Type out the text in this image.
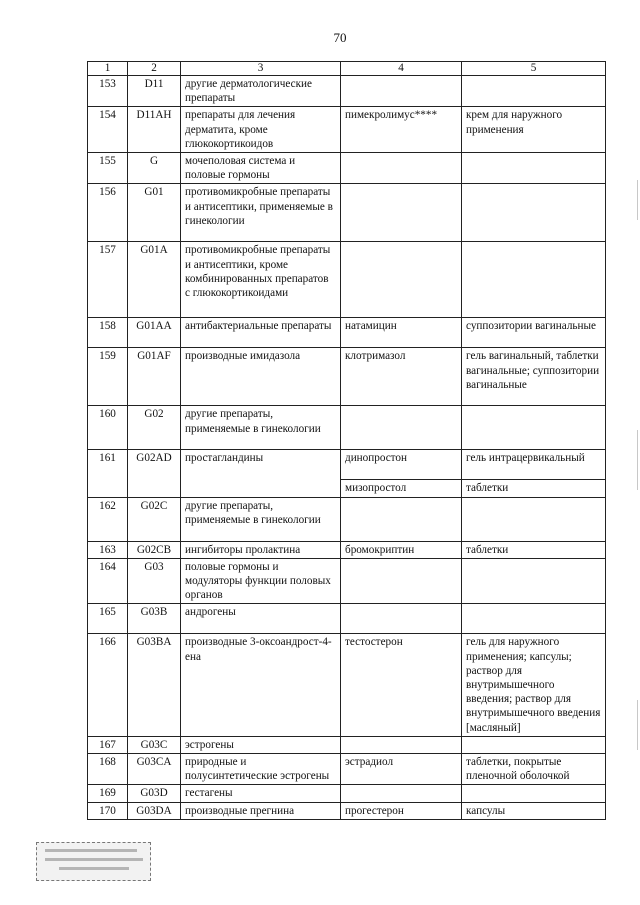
70
1	2	3	4	5
153	D11	другие дерматологические препараты		
154	D11AH	препараты для лечения дерматита, кроме глюкокортикоидов	пимекролимус****	крем для наружного применения
155	G	мочеполовая система и половые гормоны		
156	G01	противомикробные препараты и антисептики, применяемые в гинекологии		
157	G01A	противомикробные препараты и антисептики, кроме комбинированных препаратов с глюкокортикоидами		
158	G01AA	антибактериальные препараты	натамицин	суппозитории вагинальные
159	G01AF	производные имидазола	клотримазол	гель вагинальный, таблетки вагинальные; суппозитории вагинальные
160	G02	другие препараты, применяемые в гинекологии		
161	G02AD	простагландины	динопростон	гель интрацервикальный
			мизопростол	таблетки
162	G02C	другие препараты, применяемые в гинекологии		
163	G02CB	ингибиторы пролактина	бромокриптин	таблетки
164	G03	половые гормоны и модуляторы функции половых органов		
165	G03B	андрогены		
166	G03BA	производные 3-оксоандрост-4-ена	тестостерон	гель для наружного применения; капсулы; раствор для внутримышечного введения; раствор для внутримышечного введения [масляный]
167	G03C	эстрогены		
168	G03CA	природные и полусинтетические эстрогены	эстрадиол	таблетки, покрытые пленочной оболочкой
169	G03D	гестагены		
170	G03DA	производные прегнина	прогестерон	капсулы
